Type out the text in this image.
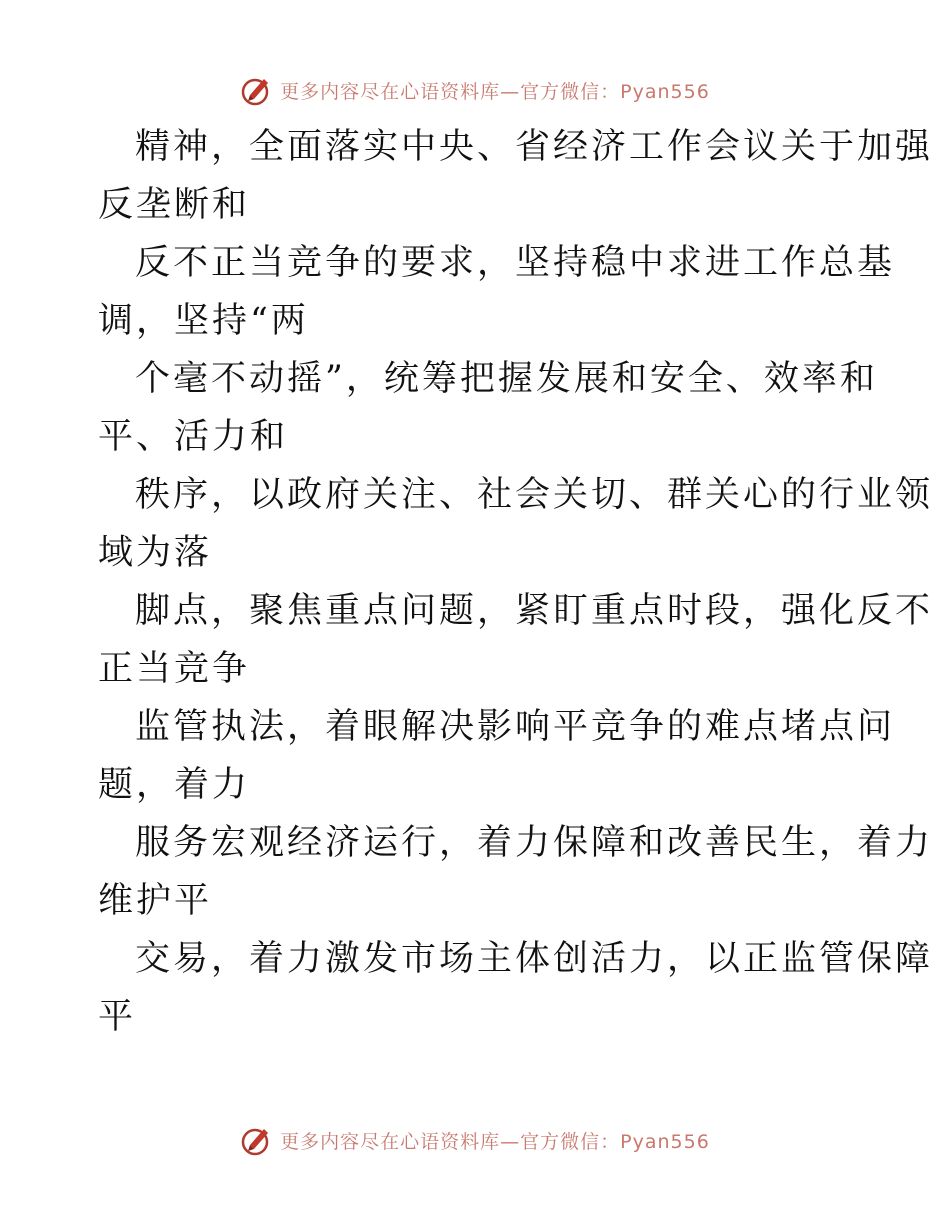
更多内容尽在心语资料库—官方微信：Pyan556
精神，全面落实中央、省经济工作会议关于加强
反垄断和
反不正当竞争的要求，坚持稳中求进工作总基
调，坚持“两
个毫不动摇”，统筹把握发展和安全、效率和
平、活力和
秩序，以政府关注、社会关切、群关心的行业领
域为落
脚点，聚焦重点问题，紧盯重点时段，强化反不
正当竞争
监管执法，着眼解决影响平竞争的难点堵点问
题，着力
服务宏观经济运行，着力保障和改善民生，着力
维护平
交易，着力激发市场主体创活力，以正监管保障
平
更多内容尽在心语资料库—官方微信：Pyan556
